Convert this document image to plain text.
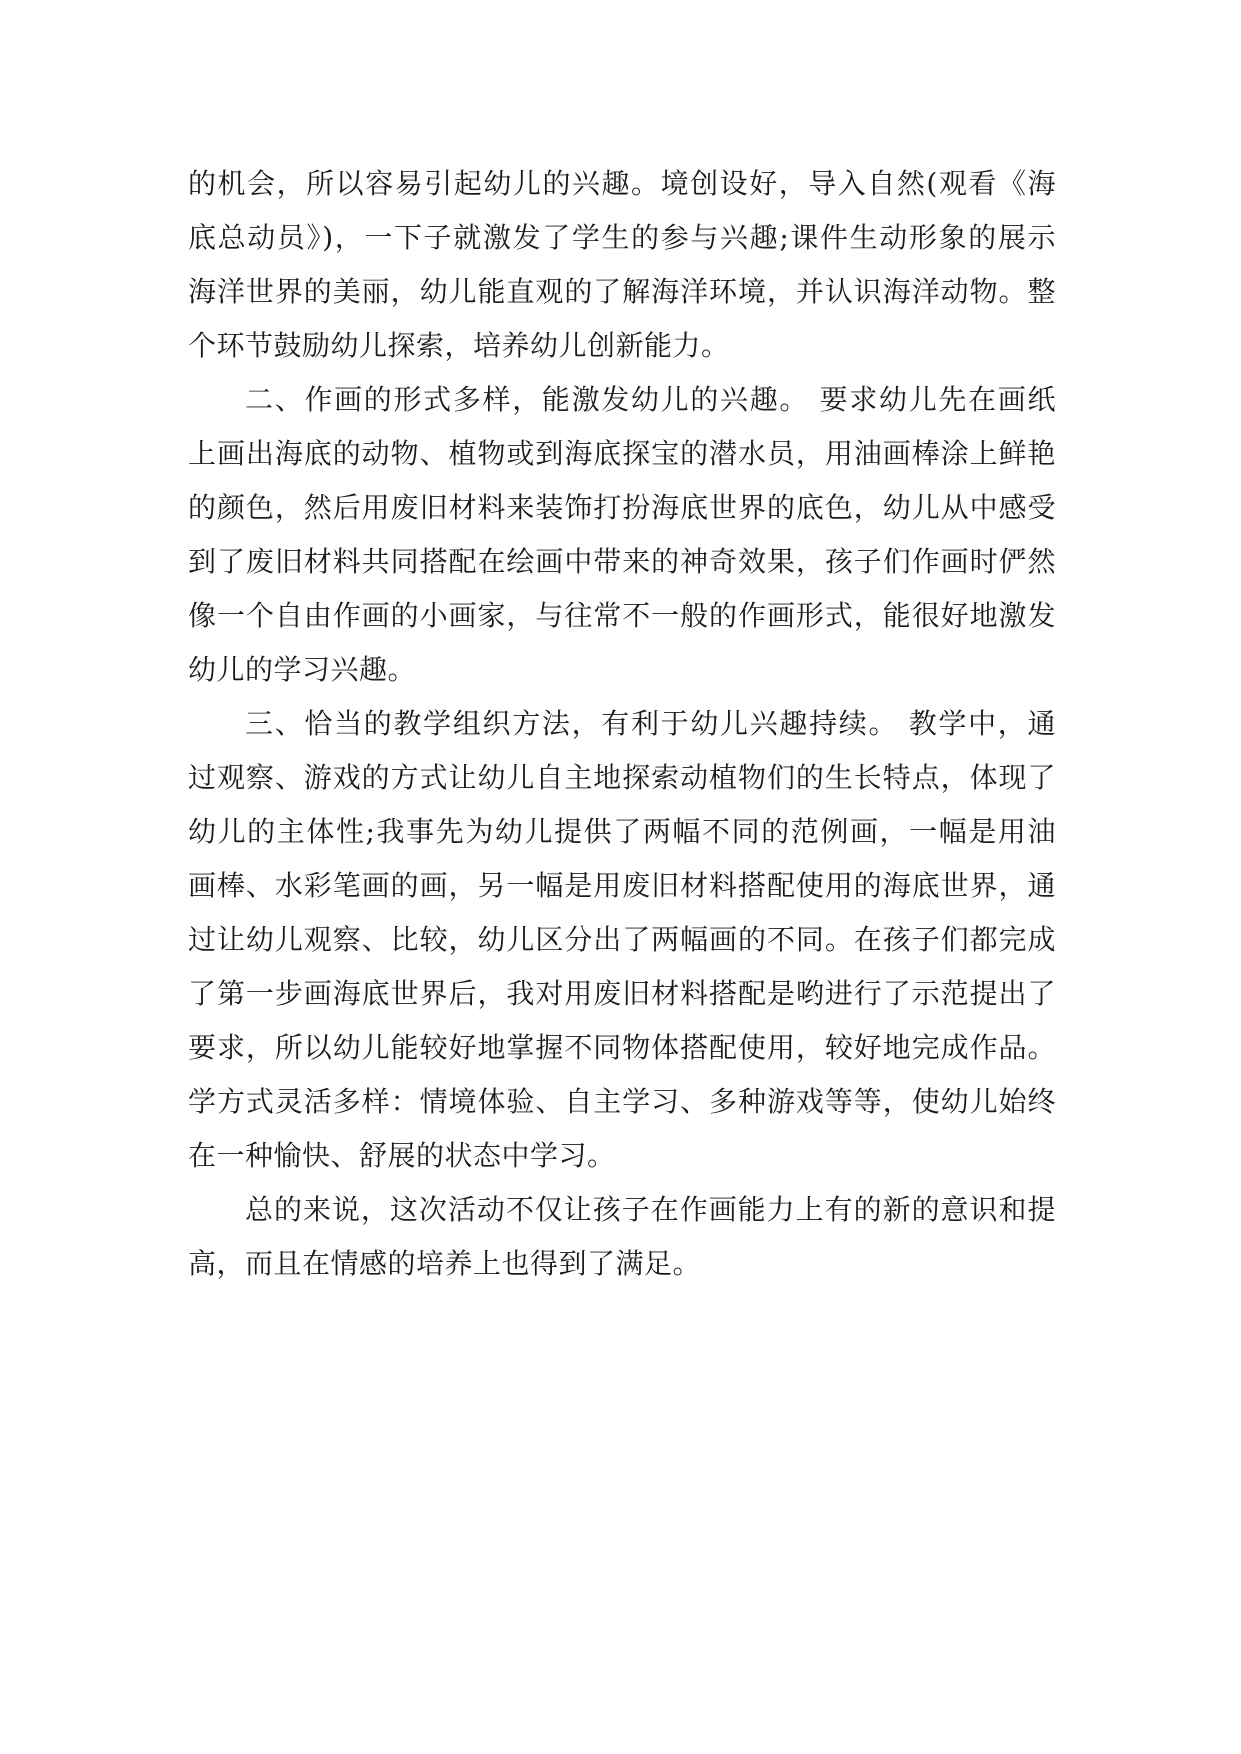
的机会，所以容易引起幼儿的兴趣。境创设好，导入自然(观看《海
底总动员》)，一下子就激发了学生的参与兴趣;课件生动形象的展示
海洋世界的美丽，幼儿能直观的了解海洋环境，并认识海洋动物。整
个环节鼓励幼儿探索，培养幼儿创新能力。
二、作画的形式多样，能激发幼儿的兴趣。 要求幼儿先在画纸
上画出海底的动物、植物或到海底探宝的潜水员，用油画棒涂上鲜艳
的颜色，然后用废旧材料来装饰打扮海底世界的底色，幼儿从中感受
到了废旧材料共同搭配在绘画中带来的神奇效果，孩子们作画时俨然
像一个自由作画的小画家，与往常不一般的作画形式，能很好地激发
幼儿的学习兴趣。
三、恰当的教学组织方法，有利于幼儿兴趣持续。 教学中，通
过观察、游戏的方式让幼儿自主地探索动植物们的生长特点，体现了
幼儿的主体性;我事先为幼儿提供了两幅不同的范例画，一幅是用油
画棒、水彩笔画的画，另一幅是用废旧材料搭配使用的海底世界，通
过让幼儿观察、比较，幼儿区分出了两幅画的不同。在孩子们都完成
了第一步画海底世界后，我对用废旧材料搭配是哟进行了示范提出了
要求，所以幼儿能较好地掌握不同物体搭配使用，较好地完成作品。
学方式灵活多样：情境体验、自主学习、多种游戏等等，使幼儿始终
在一种愉快、舒展的状态中学习。
总的来说，这次活动不仅让孩子在作画能力上有的新的意识和提
高，而且在情感的培养上也得到了满足。
